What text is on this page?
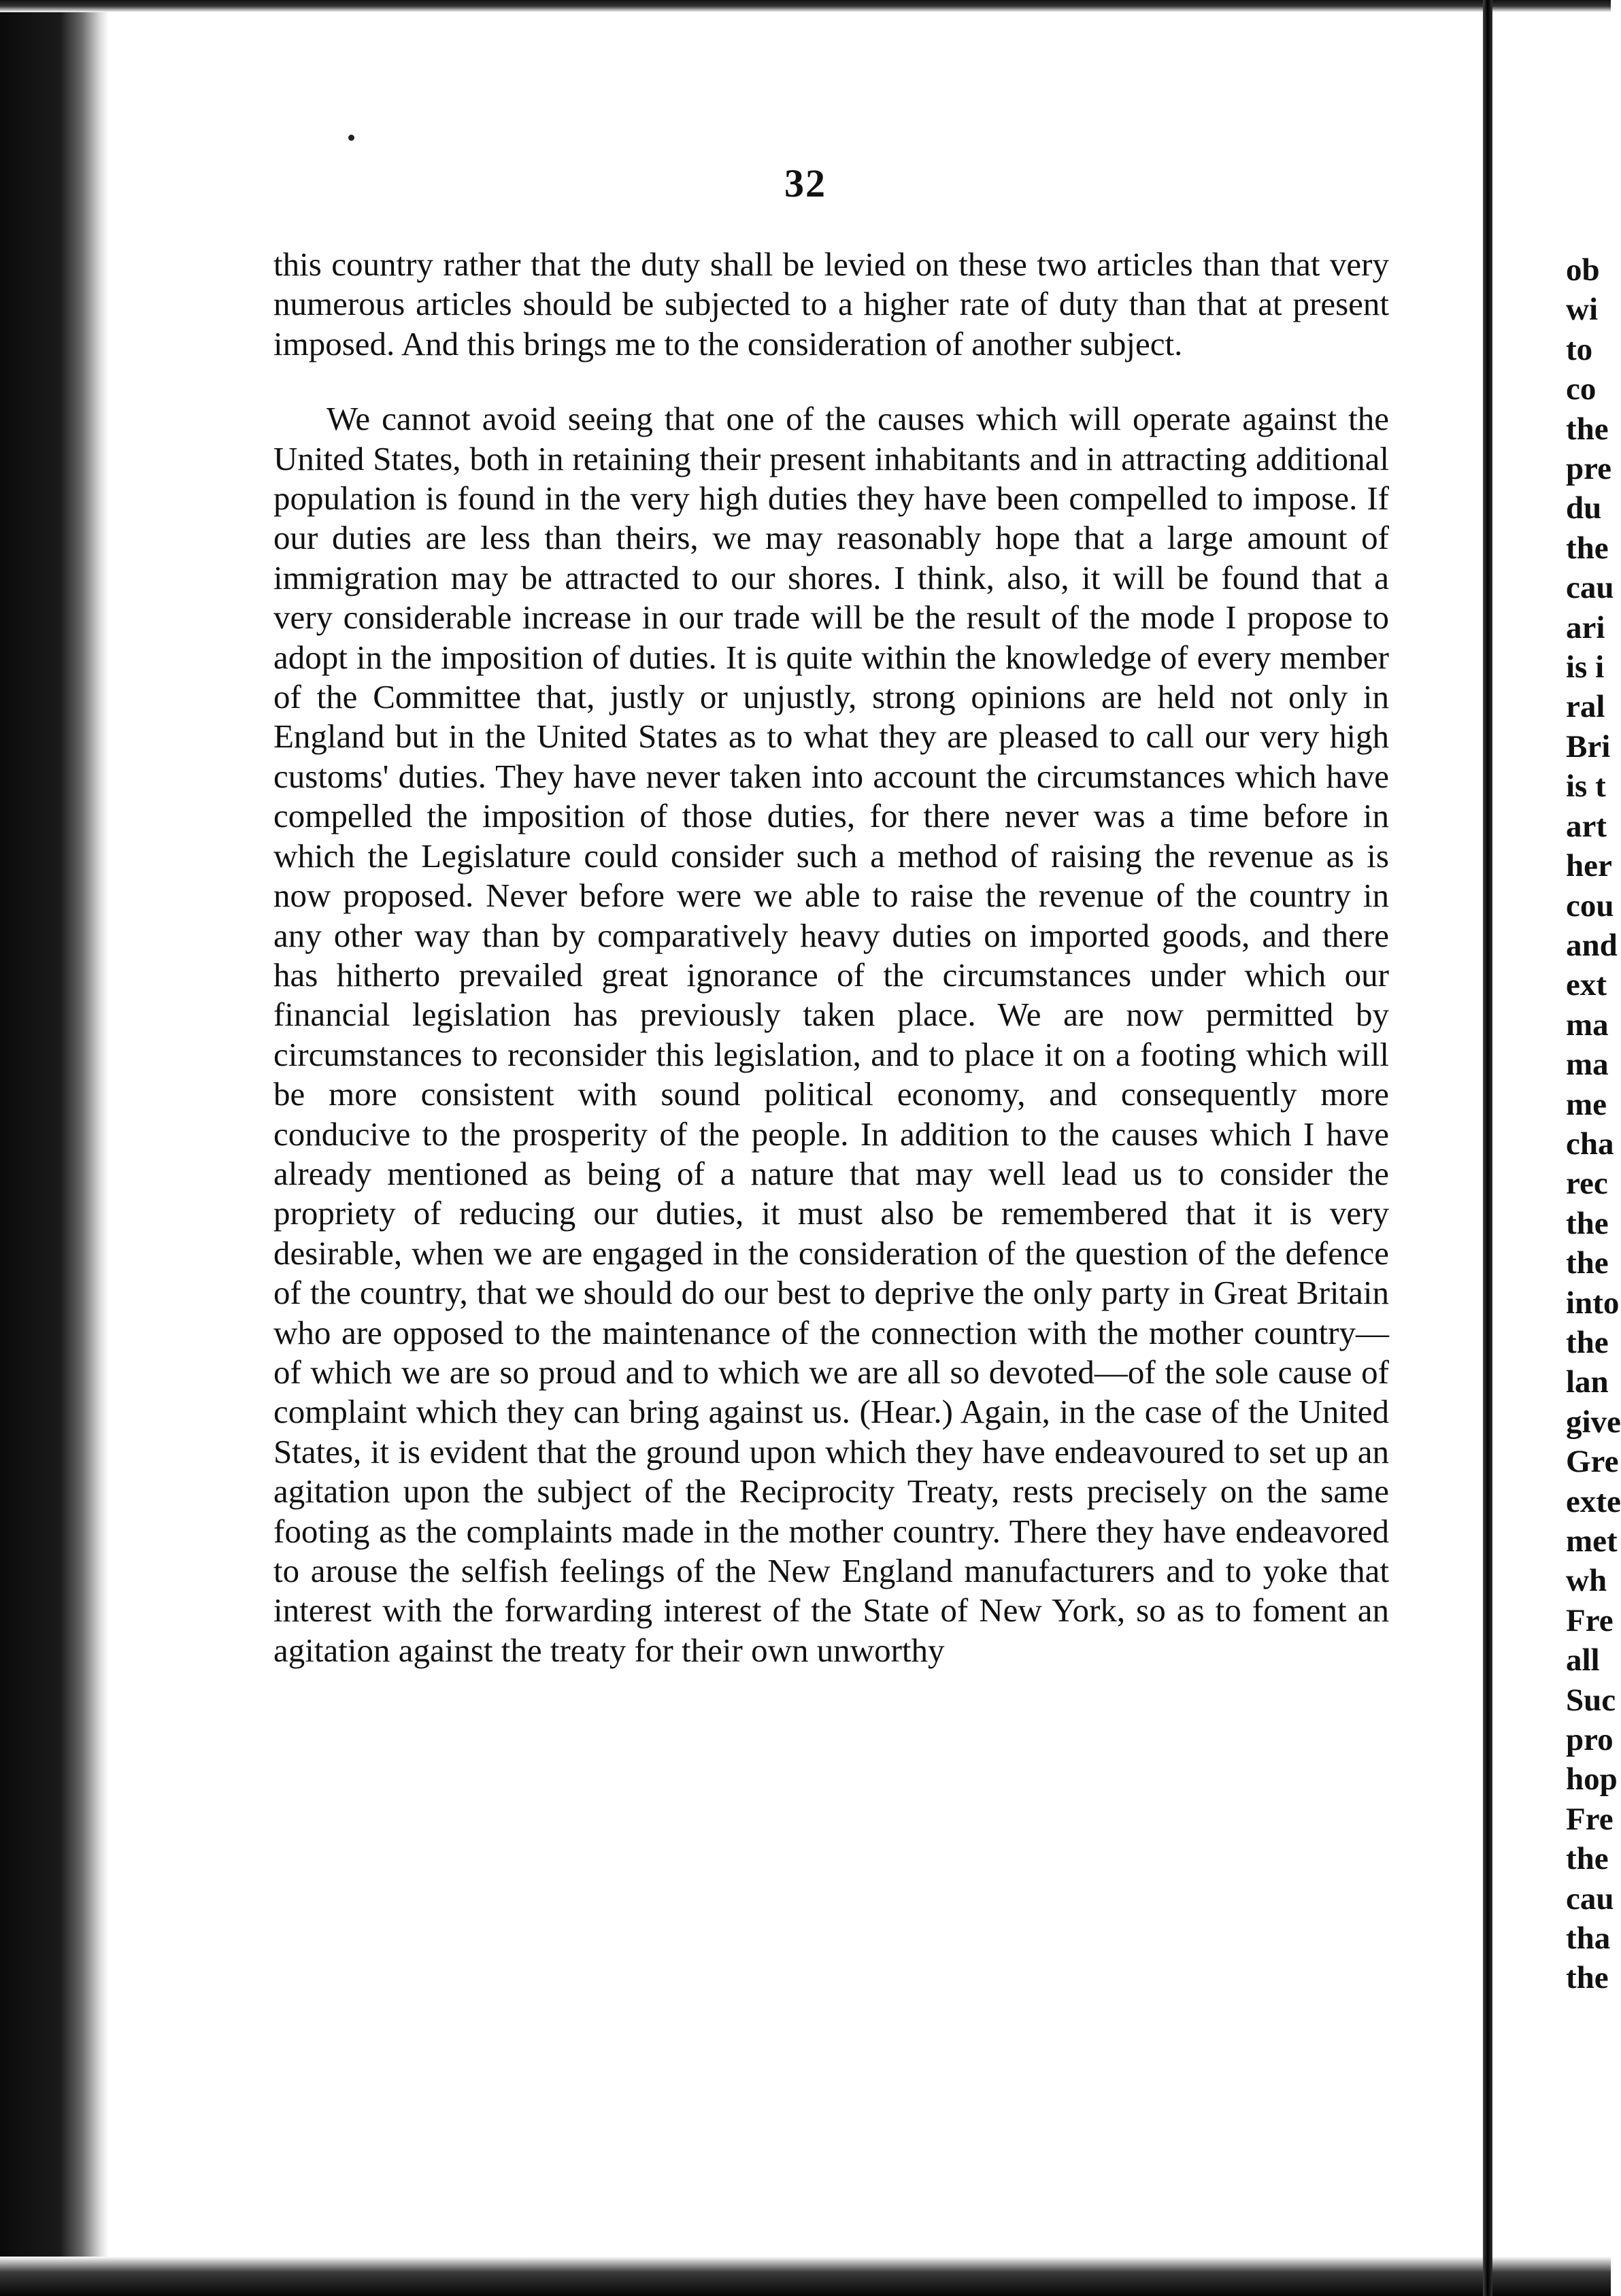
32

this country rather that the duty shall be levied on these two articles than that very numerous articles should be subjected to a higher rate of duty than that at present imposed. And this brings me to the consideration of another subject.

We cannot avoid seeing that one of the causes which will operate against the United States, both in retaining their present inhabitants and in attracting additional population is found in the very high duties they have been compelled to impose. If our duties are less than theirs, we may reasonably hope that a large amount of immigration may be attracted to our shores. I think, also, it will be found that a very considerable increase in our trade will be the result of the mode I propose to adopt in the imposition of duties. It is quite within the knowledge of every member of the Committee that, justly or unjustly, strong opinions are held not only in England but in the United States as to what they are pleased to call our very high customs' duties. They have never taken into account the circumstances which have compelled the imposition of those duties, for there never was a time before in which the Legislature could consider such a method of raising the revenue as is now proposed. Never before were we able to raise the revenue of the country in any other way than by comparatively heavy duties on imported goods, and there has hitherto prevailed great ignorance of the circumstances under which our financial legislation has previously taken place. We are now permitted by circumstances to reconsider this legislation, and to place it on a footing which will be more consistent with sound political economy, and consequently more conducive to the prosperity of the people. In addition to the causes which I have already mentioned as being of a nature that may well lead us to consider the propriety of reducing our duties, it must also be remembered that it is very desirable, when we are engaged in the consideration of the question of the defence of the country, that we should do our best to deprive the only party in Great Britain who are opposed to the maintenance of the connection with the mother country—of which we are so proud and to which we are all so devoted—of the sole cause of complaint which they can bring against us. (Hear.) Again, in the case of the United States, it is evident that the ground upon which they have endeavoured to set up an agitation upon the subject of the Reciprocity Treaty, rests precisely on the same footing as the complaints made in the mother country. There they have endeavored to arouse the selfish feelings of the New England manufacturers and to yoke that interest with the forwarding interest of the State of New York, so as to foment an agitation against the treaty for their own unworthy

ob
wi
to
co
the
pre
du
the
cau
ari
is i
ral
Bri
is t
art
her
cou
and
ext
ma
ma
me
cha
rec
the
the
into
the
lan
give
Gre
exte
met
wh
Fre
all
Suc
pro
hop
Fre
the
cau
tha
the
